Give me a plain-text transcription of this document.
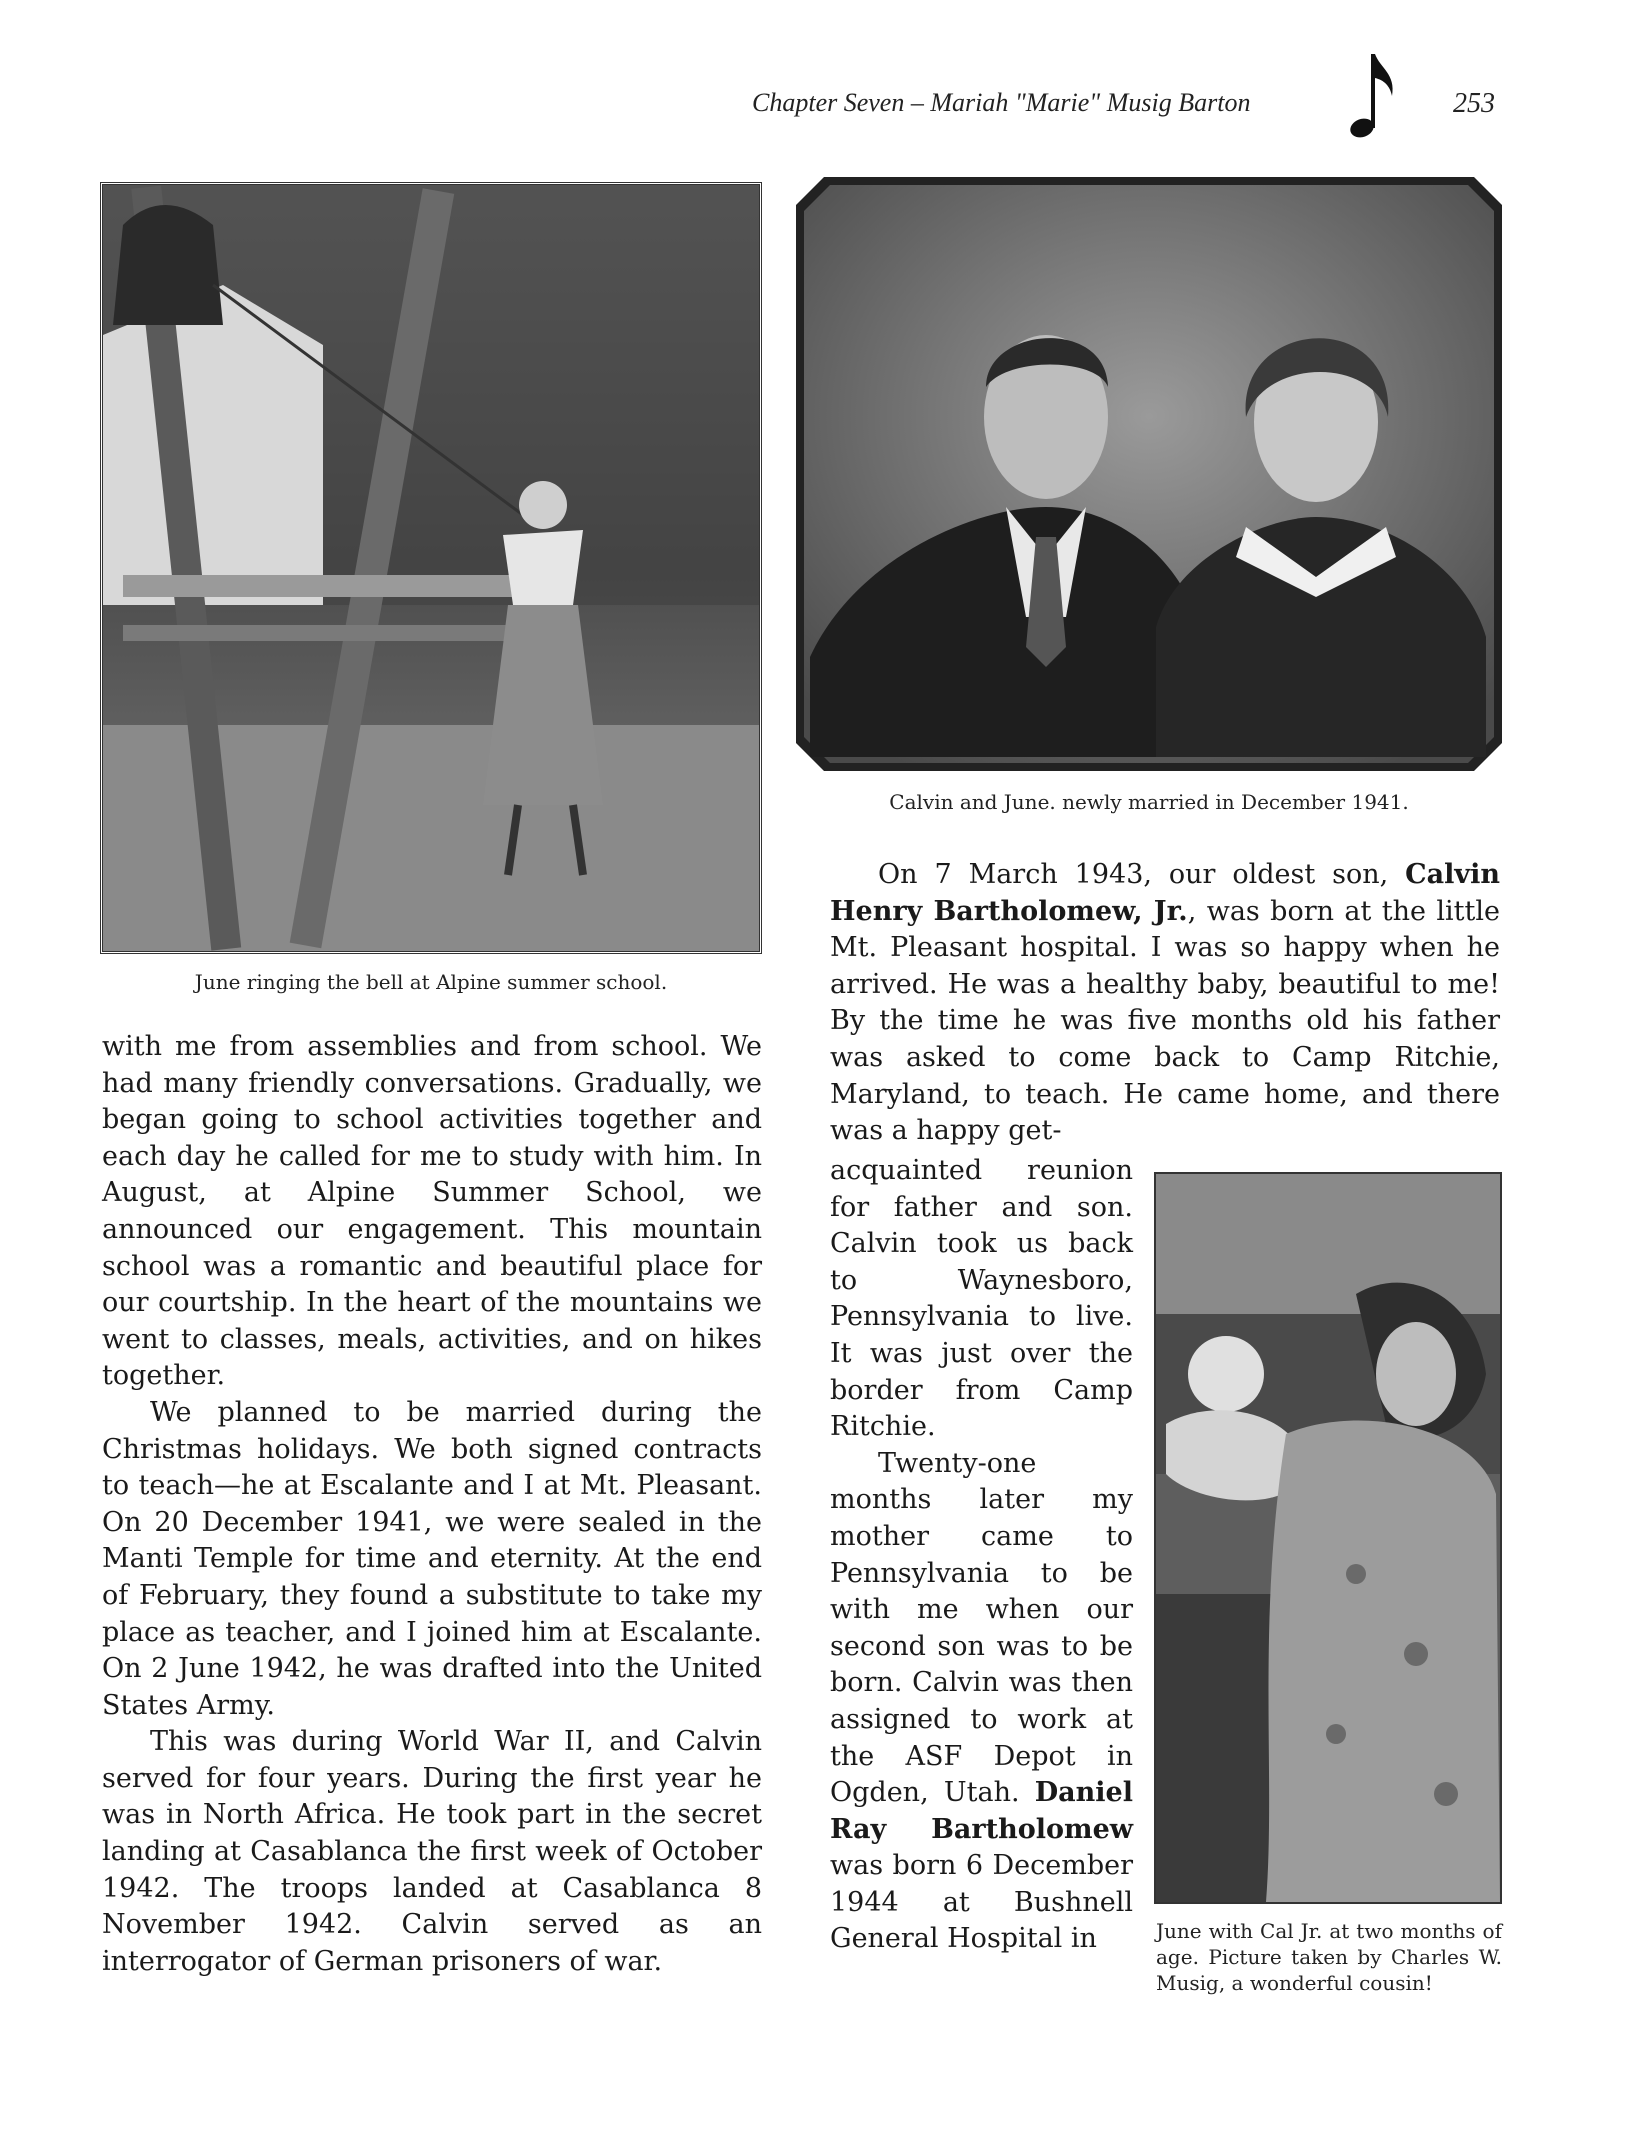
Chapter Seven – Mariah "Marie" Musig Barton	253
June ringing the bell at Alpine summer school.
Calvin and June. newly married in December 1941.
June with Cal Jr. at two months of age. Picture taken by Charles W. Musig, a wonderful cousin!

with me from assemblies and from school. We had many friendly conversations. Gradually, we began going to school activities together and each day he called for me to study with him. In August, at Alpine Summer School, we announced our engagement. This mountain school was a romantic and beautiful place for our courtship. In the heart of the mountains we went to classes, meals, activities, and on hikes together.

We planned to be married during the Christmas holidays. We both signed contracts to teach—he at Escalante and I at Mt. Pleasant. On 20 December 1941, we were sealed in the Manti Temple for time and eternity. At the end of February, they found a substitute to take my place as teacher, and I joined him at Escalante. On 2 June 1942, he was drafted into the United States Army.

This was during World War II, and Calvin served for four years. During the first year he was in North Africa. He took part in the secret landing at Casablanca the first week of October 1942. The troops landed at Casablanca 8 November 1942. Calvin served as an interrogator of German prisoners of war.

On 7 March 1943, our oldest son, Calvin Henry Bartholomew, Jr., was born at the little Mt. Pleasant hospital. I was so happy when he arrived. He was a healthy baby, beautiful to me! By the time he was five months old his father was asked to come back to Camp Ritchie, Maryland, to teach. He came home, and there was a happy get-

acquainted reunion for father and son. Calvin took us back to Waynesboro, Pennsylvania to live. It was just over the border from Camp Ritchie.

Twenty-one months later my mother came to Pennsylvania to be with me when our second son was to be born. Calvin was then assigned to work at the ASF Depot in Ogden, Utah. Daniel Ray Bartholomew was born 6 December 1944 at Bushnell General Hospital in
